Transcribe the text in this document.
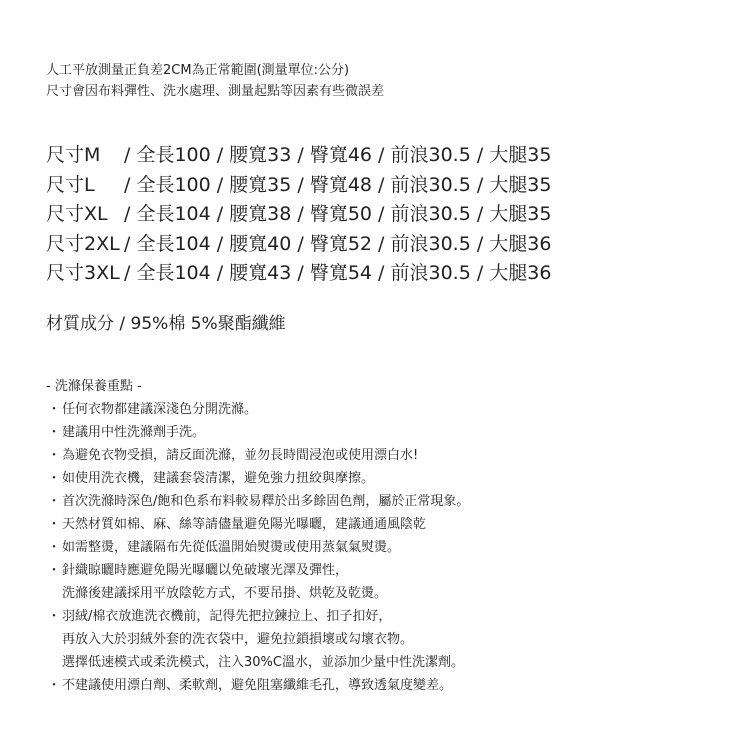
人工平放測量正負差2CM為正常範圍(測量單位:公分)
尺寸會因布料彈性、洗水處理、測量起點等因素有些微誤差
尺寸M	/ 全長100 / 腰寬33 / 臀寬46 / 前浪30.5 / 大腿35
尺寸L	/ 全長100 / 腰寬35 / 臀寬48 / 前浪30.5 / 大腿35
尺寸XL / 全長104 / 腰寬38 / 臀寬50 / 前浪30.5 / 大腿35
尺寸2XL / 全長104 / 腰寬40 / 臀寬52 / 前浪30.5 / 大腿36
尺寸3XL / 全長104 / 腰寬43 / 臀寬54 / 前浪30.5 / 大腿36
材質成分 / 95%棉 5%聚酯纖維
- 洗滌保養重點 -
・ 任何衣物都建議深淺色分開洗滌。
・ 建議用中性洗滌劑手洗。
・ 為避免衣物受損，請反面洗滌，並勿長時間浸泡或使用漂白水!
・ 如使用洗衣機，建議套袋清潔，避免強力扭絞與摩擦。
・ 首次洗滌時深色/飽和色系布料較易釋於出多餘固色劑，屬於正常現象。
・ 天然材質如棉、麻、絲等請儘量避免陽光曝曬，建議通通風陰乾
・ 如需整燙，建議隔布先從低溫開始熨燙或使用蒸氣氣熨燙。
・ 針織晾曬時應避免陽光曝曬以免破壞光澤及彈性，
洗滌後建議採用平放陰乾方式，不要吊掛、烘乾及乾燙。
・ 羽絨/棉衣放進洗衣機前，記得先把拉鍊拉上、扣子扣好，
再放入大於羽絨外套的洗衣袋中，避免拉鎖損壞或勾壞衣物。
選擇低速模式或柔洗模式，注入30%C溫水，並添加少量中性洗潔劑。
・ 不建議使用漂白劑、柔軟劑，避免阻塞纖維毛孔，導致透氣度變差。
